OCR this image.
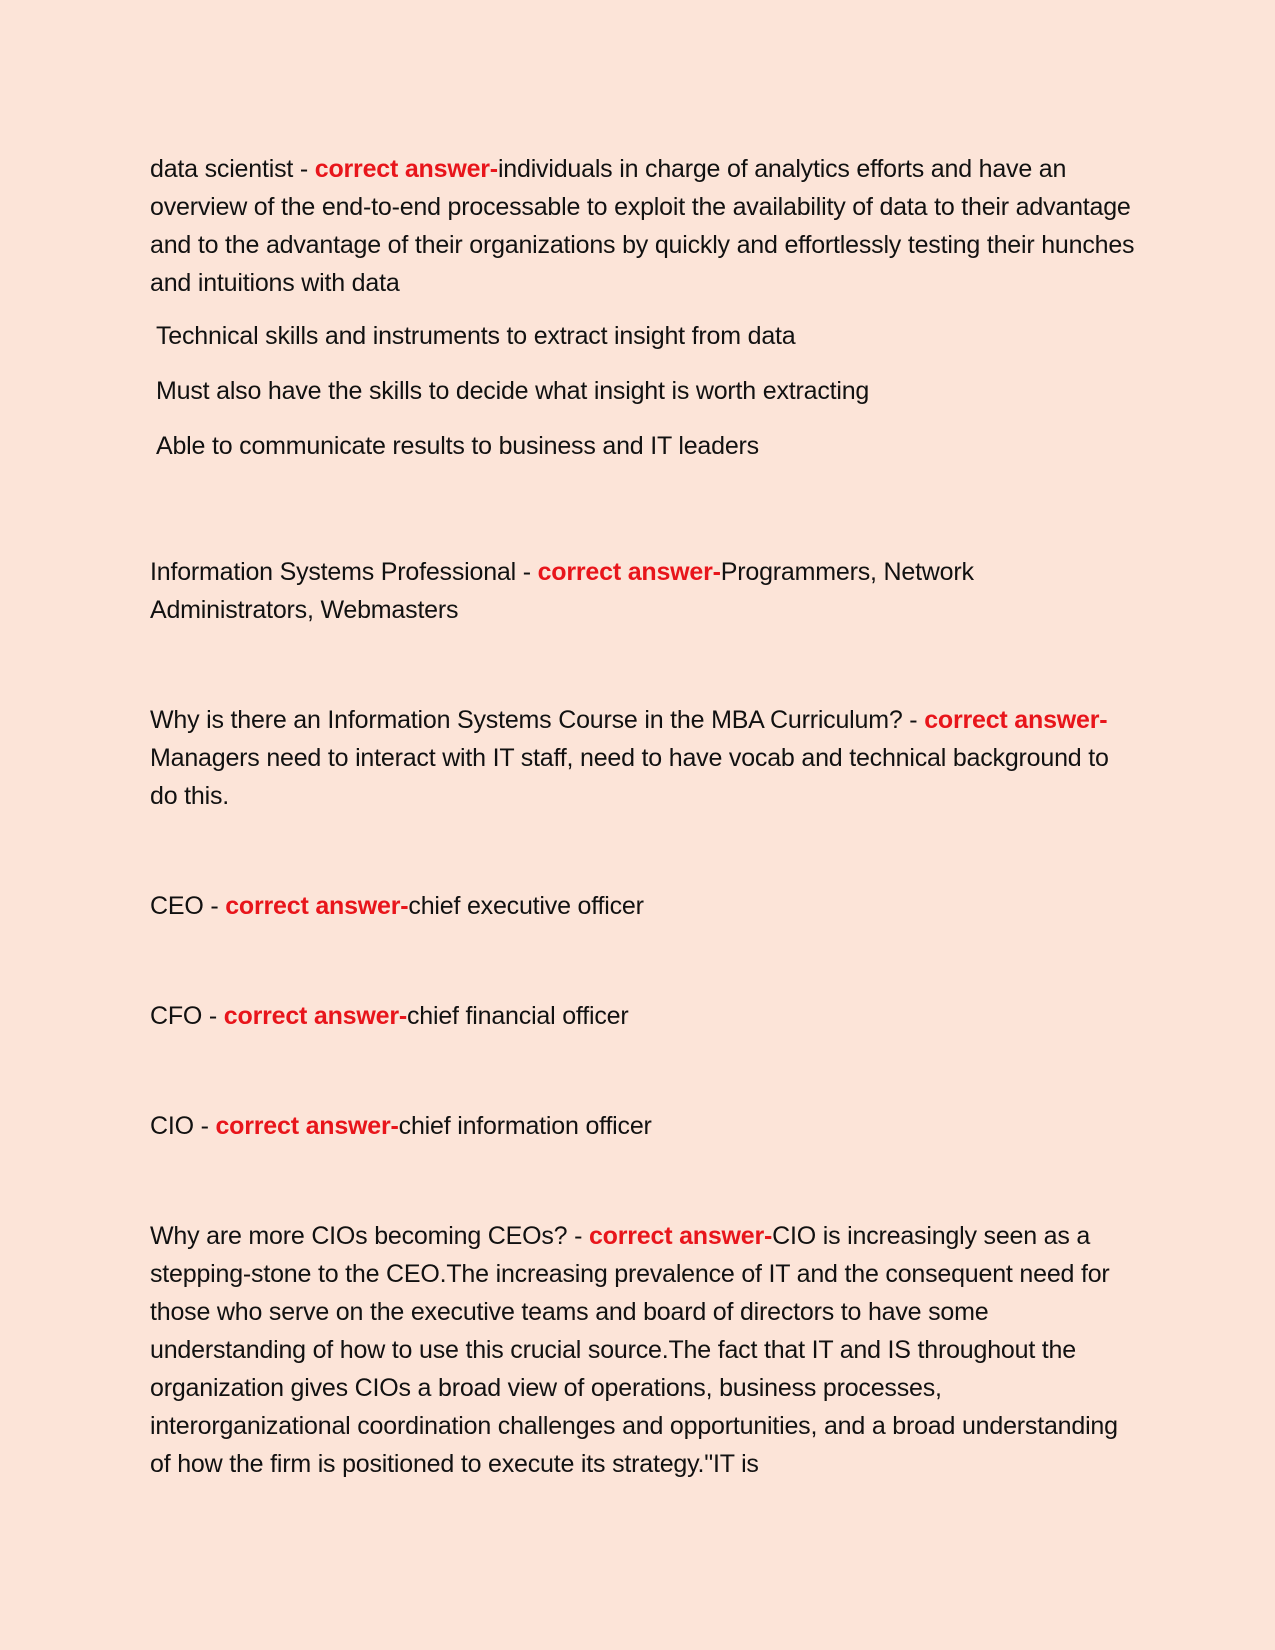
data scientist - correct answer-individuals in charge of analytics efforts and have an overview of the end-to-end processable to exploit the availability of data to their advantage and to the advantage of their organizations by quickly and effortlessly testing their hunches and intuitions with data

Technical skills and instruments to extract insight from data

Must also have the skills to decide what insight is worth extracting

Able to communicate results to business and IT leaders

Information Systems Professional - correct answer-Programmers, Network Administrators, Webmasters

Why is there an Information Systems Course in the MBA Curriculum? - correct answer-Managers need to interact with IT staff, need to have vocab and technical background to do this.

CEO - correct answer-chief executive officer

CFO - correct answer-chief financial officer

CIO - correct answer-chief information officer

Why are more CIOs becoming CEOs? - correct answer-CIO is increasingly seen as a stepping-stone to the CEO.The increasing prevalence of IT and the consequent need for those who serve on the executive teams and board of directors to have some understanding of how to use this crucial source.The fact that IT and IS throughout the organization gives CIOs a broad view of operations, business processes, interorganizational coordination challenges and opportunities, and a broad understanding of how the firm is positioned to execute its strategy."IT is
